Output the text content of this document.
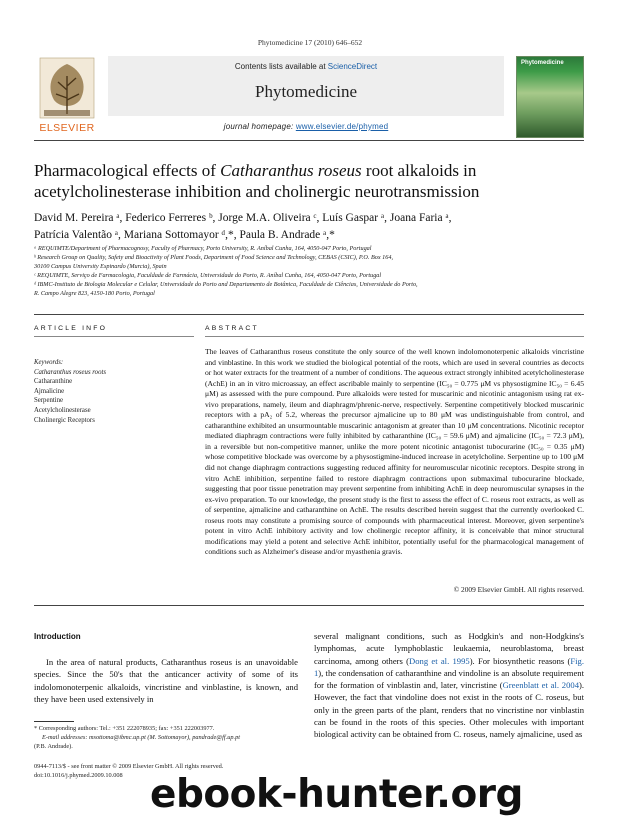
Phytomedicine 17 (2010) 646–652
ELSEVIER
Contents lists available at ScienceDirect
Phytomedicine
journal homepage: www.elsevier.de/phymed
Phytomedicine
Pharmacological effects of Catharanthus roseus root alkaloids in acetylcholinesterase inhibition and cholinergic neurotransmission
David M. Pereira ᵃ, Federico Ferreres ᵇ, Jorge M.A. Oliveira ᶜ, Luís Gaspar ᵃ, Joana Faria ᵃ,
Patrícia Valentão ᵃ, Mariana Sottomayor ᵈ,*, Paula B. Andrade ᵃ,*
ᵃ REQUIMTE/Department of Pharmacognosy, Faculty of Pharmacy, Porto University, R. Aníbal Cunha, 164, 4050-047 Porto, Portugal
ᵇ Research Group on Quality, Safety and Bioactivity of Plant Foods, Department of Food Science and Technology, CEBAS (CSIC), P.O. Box 164,
30100 Campus University Espinardo (Murcia), Spain
ᶜ REQUIMTE, Serviço de Farmacologia, Faculdade de Farmácia, Universidade do Porto, R. Aníbal Cunha, 164, 4050-047 Porto, Portugal
ᵈ IBMC-Instituto de Biologia Molecular e Celular, Universidade do Porto and Departamento de Botânica, Faculdade de Ciências, Universidade do Porto,
R. Campo Alegre 823, 4150-180 Porto, Portugal
ARTICLE INFO	ABSTRACT
Keywords:
Catharanthus roseus roots
Catharanthine
Ajmalicine
Serpentine
Acetylcholinesterase
Cholinergic Receptors
The leaves of Catharanthus roseus constitute the only source of the well known indolomonoterpenic alkaloids vincristine and vinblastine. In this work we studied the biological potential of the roots, which are used in several countries as decocts or hot water extracts for the treatment of a number of conditions. The aqueous extract strongly inhibited acetylcholinesterase (AchE) in an in vitro microassay, an effect ascribable mainly to serpentine (IC₅₀ = 0.775 μM vs physostigmine IC₅₀ = 6.45 μM) as assessed with the pure compound. Pure alkaloids were tested for muscarinic and nicotinic antagonism using rat ex-vivo preparations, namely, ileum and diaphragm/phrenic-nerve, respectively. Serpentine competitively blocked muscarinic receptors with a pA₂ of 5.2, whereas the precursor ajmalicine up to 80 μM was undistinguishable from control, and catharanthine exhibited an unsurmountable muscarinic antagonism at greater than 10 μM concentrations. Nicotinic receptor mediated diaphragm contractions were fully inhibited by catharanthine (IC₅₀ = 59.6 μM) and ajmalicine (IC₅₀ = 72.3 μM), in a reversible but non-competitive manner, unlike the more potent nicotinic antagonist tubocurarine (IC₅₀ = 0.35 μM) whose competitive blockade was overcome by a physostigmine-induced increase in acetylcholine. Serpentine up to 100 μM did not change diaphragm contractions suggesting reduced affinity for neuromuscular nicotinic receptors. Despite strong in vitro AchE inhibition, serpentine failed to restore diaphragm contractions upon submaximal tubocurarine blockade, suggesting that poor tissue penetration may prevent serpentine from inhibiting AchE in deep neuromuscular synapses in the ex-vivo preparation. To our knowledge, the present study is the first to assess the effect of C. roseus root extracts, as well as of serpentine, ajmalicine and catharanthine on AchE. The results described herein suggest that the currently overlooked C. roseus roots may constitute a promising source of compounds with pharmaceutical interest. Moreover, given serpentine's potent in vitro AchE inhibitory activity and low cholinergic receptor affinity, it is conceivable that minor structural modifications may yield a potent and selective AchE inhibitor, potentially useful for the pharmacological management of conditions such as Alzheimer's disease and/or myasthenia gravis.
© 2009 Elsevier GmbH. All rights reserved.
Introduction
In the area of natural products, Catharanthus roseus is an unavoidable species. Since the 50's that the anticancer activity of some of its indolomonoterpenic alkaloids, vincristine and vinblastine, is known, and they have been used extensively in
several malignant conditions, such as Hodgkin's and non-Hodgkins's lymphomas, acute lymphoblastic leukaemia, neuroblastoma, breast carcinoma, among others (Dong et al. 1995). For biosynthetic reasons (Fig. 1), the condensation of catharanthine and vindoline is an absolute requirement for the formation of vinblastin and, later, vincristine (Greenblatt et al. 2004). However, the fact that vindoline does not exist in the roots of C. roseus, but only in the green parts of the plant, renders that no vincristine nor vinblastin can be found in the roots of this species. Other molecules with important biological activity can be obtained from C. roseus, namely ajmalicine, used as
* Corresponding authors: Tel.: +351 222078935; fax: +351 222003977.
E-mail addresses: msottoma@ibmc.up.pt (M. Sottomayor), pandrade@ff.up.pt
(P.B. Andrade).
0944-7113/$ - see front matter © 2009 Elsevier GmbH. All rights reserved.
doi:10.1016/j.phymed.2009.10.008 ebook-hunter.org
